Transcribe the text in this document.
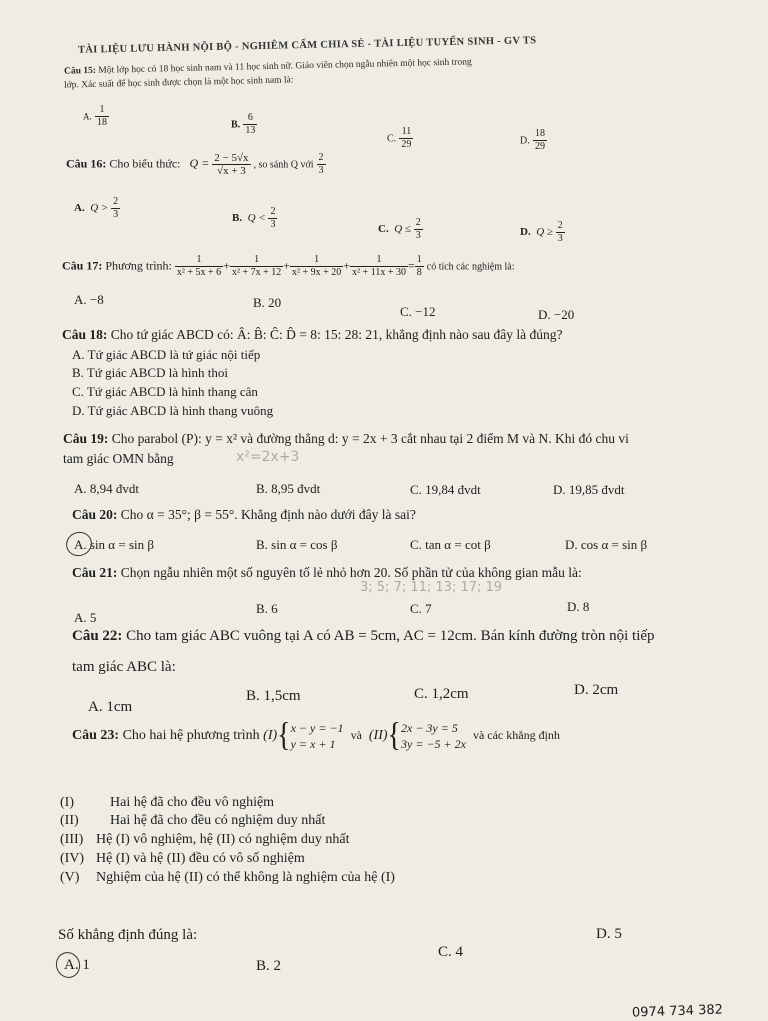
TÀI LIỆU LƯU HÀNH NỘI BỘ - NGHIÊM CẤM CHIA SẺ - TÀI LIỆU TUYỂN SINH - GV TS
Câu 15: Một lớp học có 18 học sinh nam và 11 học sinh nữ. Giáo viên chọn ngẫu nhiên một học sinh trong
lớp. Xác suất để học sinh được chọn là một học sinh nam là:
A. $\frac{1}{18}$	B. $\frac{6}{13}$
C. $\frac{11}{29}$	D. $\frac{18}{29}$
Câu 16: Cho biểu thức: $Q = \frac{2 - 5√x}{√x + 3}$ , so sánh Q với $\frac{2}{3}$
A. $Q > \frac{2}{3}$	B. $Q < \frac{2}{3}$	C. $Q \le \frac{2}{3}$	D. $Q \ge \frac{2}{3}$
Câu 17: Phương trình: $\frac{1}{\text{x² + 5x + 6}} + \frac{1}{\text{x² + 7x + 12}} + \frac{1}{\text{x² + 9x + 20}} + \frac{1}{\text{x² + 11x + 30}} = \frac{1}{8}$ có tích các nghiệm là:
A. −8	B. 20
C. −12	D. −20
Câu 18: Cho tứ giác ABCD có: Â: B̂: Ĉ: D̂ = 8: 15: 28: 21, khẳng định nào sau đây là đúng?
A. Tứ giác ABCD là tứ giác nội tiếp
B. Tứ giác ABCD là hình thoi
C. Tứ giác ABCD là hình thang cân
D. Tứ giác ABCD là hình thang vuông
Câu 19: Cho parabol (P): y = x² và đường thẳng d: y = 2x + 3 cắt nhau tại 2 điểm M và N. Khi đó chu vi
tam giác OMN bằng	x²=2x+3
A. 8,94 đvdt	B. 8,95 đvdt	C. 19,84 đvdt	D. 19,85 đvdt
Câu 20: Cho α = 35°; β = 55°. Khẳng định nào dưới đây là sai?
A. sin α = sin β	B. sin α = cos β	C. tan α = cot β	D. cos α = sin β
Câu 21: Chọn ngẫu nhiên một số nguyên tố lẻ nhỏ hơn 20. Số phần tử của không gian mẫu là:
3; 5; 7; 11; 13; 17; 19
A. 5
B. 6	C. 7	D. 8
Câu 22: Cho tam giác ABC vuông tại A có AB = 5cm, AC = 12cm. Bán kính đường tròn nội tiếp
tam giác ABC là:
A. 1cm
B. 1,5cm	C. 1,2cm	D. 2cm
Câu 23: Cho hai hệ phương trình (I){ x − y = −1
y = x + 1
và (II){ 2x − 3y = 5
3y = −5 + 2x
và các khẳng định
(I)	Hai hệ đã cho đều vô nghiệm
(II) Hai hệ đã cho đều có nghiệm duy nhất
(III) Hệ (I) vô nghiệm, hệ (II) có nghiệm duy nhất
(IV) Hệ (I) và hệ (II) đều có vô số nghiệm
(V) Nghiệm của hệ (II) có thể không là nghiệm của hệ (I)
Số khẳng định đúng là:
A. 1	B. 2
C. 4
D. 5
0974 734 382
